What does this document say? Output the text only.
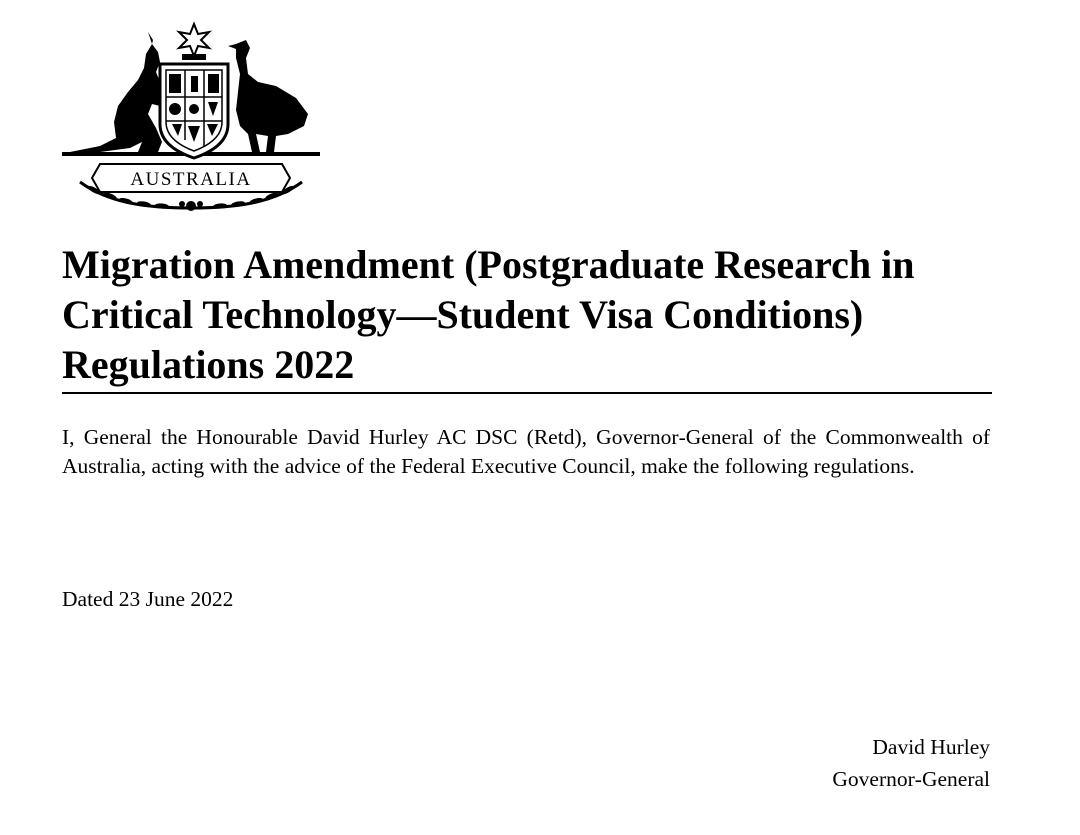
AUSTRALIA
Migration Amendment (Postgraduate Research in Critical Technology—Student Visa Conditions) Regulations 2022

I, General the Honourable David Hurley AC DSC (Retd), Governor‑General of the Commonwealth of Australia, acting with the advice of the Federal Executive Council, make the following regulations.

Dated 23 June 2022

David Hurley
Governor‑General
